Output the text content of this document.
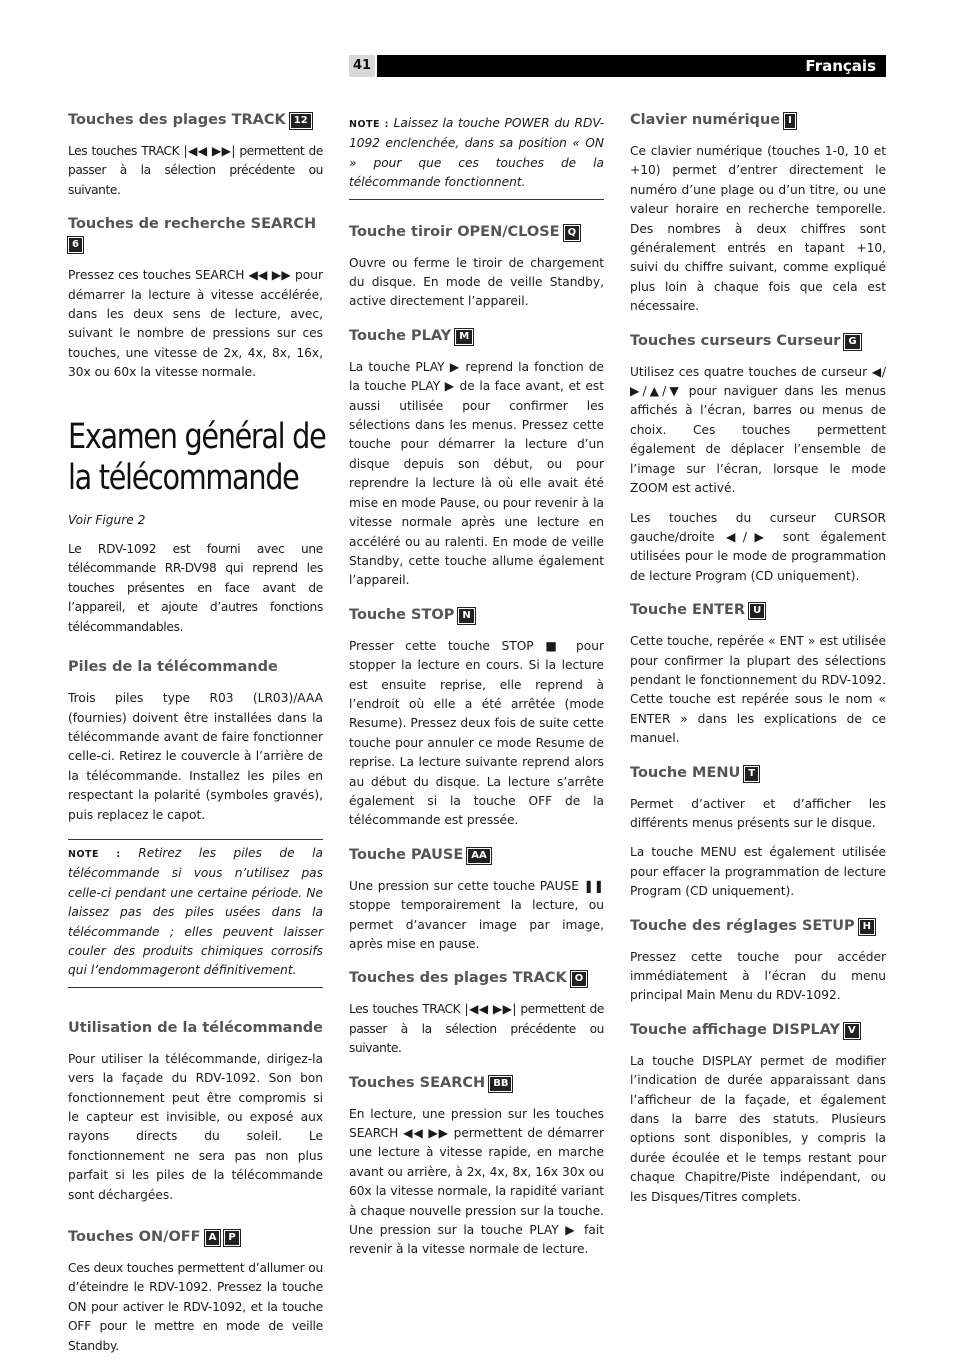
41	Français
Touches des plages TRACK 12

Les touches TRACK |◀◀ ▶▶| permettent de passer à la sélection précédente ou suivante.

Touches de recherche SEARCH
6

Pressez ces touches SEARCH ◀◀ ▶▶ pour démarrer la lecture à vitesse accélérée, dans les deux sens de lecture, avec, suivant le nombre de pressions sur ces touches, une vitesse de 2x, 4x, 8x, 16x, 30x ou 60x la vitesse normale.

Examen général de la télécommande

Voir Figure 2

Le RDV-1092 est fourni avec une télécommande RR-DV98 qui reprend les touches présentes en face avant de l’appareil, et ajoute d’autres fonctions télécommandables.

Piles de la télécommande

Trois piles type R03 (LR03)/AAA (fournies) doivent être installées dans la télécommande avant de faire fonctionner celle-ci. Retirez le couvercle à l’arrière de la télécommande. Installez les piles en respectant la polarité (symboles gravés), puis replacez le capot.

NOTE : Retirez les piles de la télécommande si vous n’utilisez pas celle-ci pendant une certaine période. Ne laissez pas des piles usées dans la télécommande ; elles peuvent laisser couler des produits chimiques corrosifs qui l’endommageront définitivement.

Utilisation de la télécommande

Pour utiliser la télécommande, dirigez-la vers la façade du RDV-1092. Son bon fonctionnement peut être compromis si le capteur est invisible, ou exposé aux rayons directs du soleil. Le fonctionnement ne sera pas non plus parfait si les piles de la télécommande sont déchargées.

Touches ON/OFF A P

Ces deux touches permettent d’allumer ou d’éteindre le RDV-1092. Pressez la touche ON pour activer le RDV-1092, et la touche OFF pour le mettre en mode de veille Standby.

NOTE : Laissez la touche POWER du RDV-1092 enclenchée, dans sa position « ON » pour que ces touches de la télécommande fonctionnent.

Touche tiroir OPEN/CLOSE Q

Ouvre ou ferme le tiroir de chargement du disque. En mode de veille Standby, active directement l’appareil.

Touche PLAY M

La touche PLAY ▶ reprend la fonction de la touche PLAY ▶ de la face avant, et est aussi utilisée pour confirmer les sélections dans les menus. Pressez cette touche pour démarrer la lecture d’un disque depuis son début, ou pour reprendre la lecture là où elle avait été mise en mode Pause, ou pour revenir à la vitesse normale après une lecture en accéléré ou au ralenti. En mode de veille Standby, cette touche allume également l’appareil.

Touche STOP N

Presser cette touche STOP ■ pour stopper la lecture en cours. Si la lecture est ensuite reprise, elle reprend à l’endroit où elle a été arrêtée (mode Resume). Pressez deux fois de suite cette touche pour annuler ce mode Resume de reprise. La lecture suivante reprend alors au début du disque. La lecture s’arrête également si la touche OFF de la télécommande est pressée.

Touche PAUSE AA

Une pression sur cette touche PAUSE ❚❚ stoppe temporairement la lecture, ou permet d’avancer image par image, après mise en pause.

Touches des plages TRACK O

Les touches TRACK |◀◀ ▶▶| permettent de passer à la sélection précédente ou suivante.

Touches SEARCH BB

En lecture, une pression sur les touches SEARCH ◀◀ ▶▶ permettent de démarrer une lecture à vitesse rapide, en marche avant ou arrière, à 2x, 4x, 8x, 16x 30x ou 60x la vitesse normale, la rapidité variant à chaque nouvelle pression sur la touche. Une pression sur la touche PLAY ▶ fait revenir à la vitesse normale de lecture.

Clavier numérique I

Ce clavier numérique (touches 1-0, 10 et +10) permet d’entrer directement le numéro d’une plage ou d’un titre, ou une valeur horaire en recherche temporelle. Des nombres à deux chiffres sont généralement entrés en tapant +10, suivi du chiffre suivant, comme expliqué plus loin à chaque fois que cela est nécessaire.

Touches curseurs Curseur G

Utilisez ces quatre touches de curseur ◀/▶/▲/▼ pour naviguer dans les menus affichés à l’écran, barres ou menus de choix. Ces touches permettent également de déplacer l’ensemble de l’image sur l’écran, lorsque le mode ZOOM est activé.

Les touches du curseur CURSOR gauche/droite ◀/▶ sont également utilisées pour le mode de programmation de lecture Program (CD uniquement).

Touche ENTER U

Cette touche, repérée « ENT » est utilisée pour confirmer la plupart des sélections pendant le fonctionnement du RDV-1092. Cette touche est repérée sous le nom « ENTER » dans les explications de ce manuel.

Touche MENU T

Permet d’activer et d’afficher les différents menus présents sur le disque.

La touche MENU est également utilisée pour effacer la programmation de lecture Program (CD uniquement).

Touche des réglages SETUP H

Pressez cette touche pour accéder immédiatement à l’écran du menu principal Main Menu du RDV-1092.

Touche affichage DISPLAY V

La touche DISPLAY permet de modifier l’indication de durée apparaissant dans l’afficheur de la façade, et également dans la barre des statuts. Plusieurs options sont disponibles, y compris la durée écoulée et le temps restant pour chaque Chapitre/Piste indépendant, ou les Disques/Titres complets.
